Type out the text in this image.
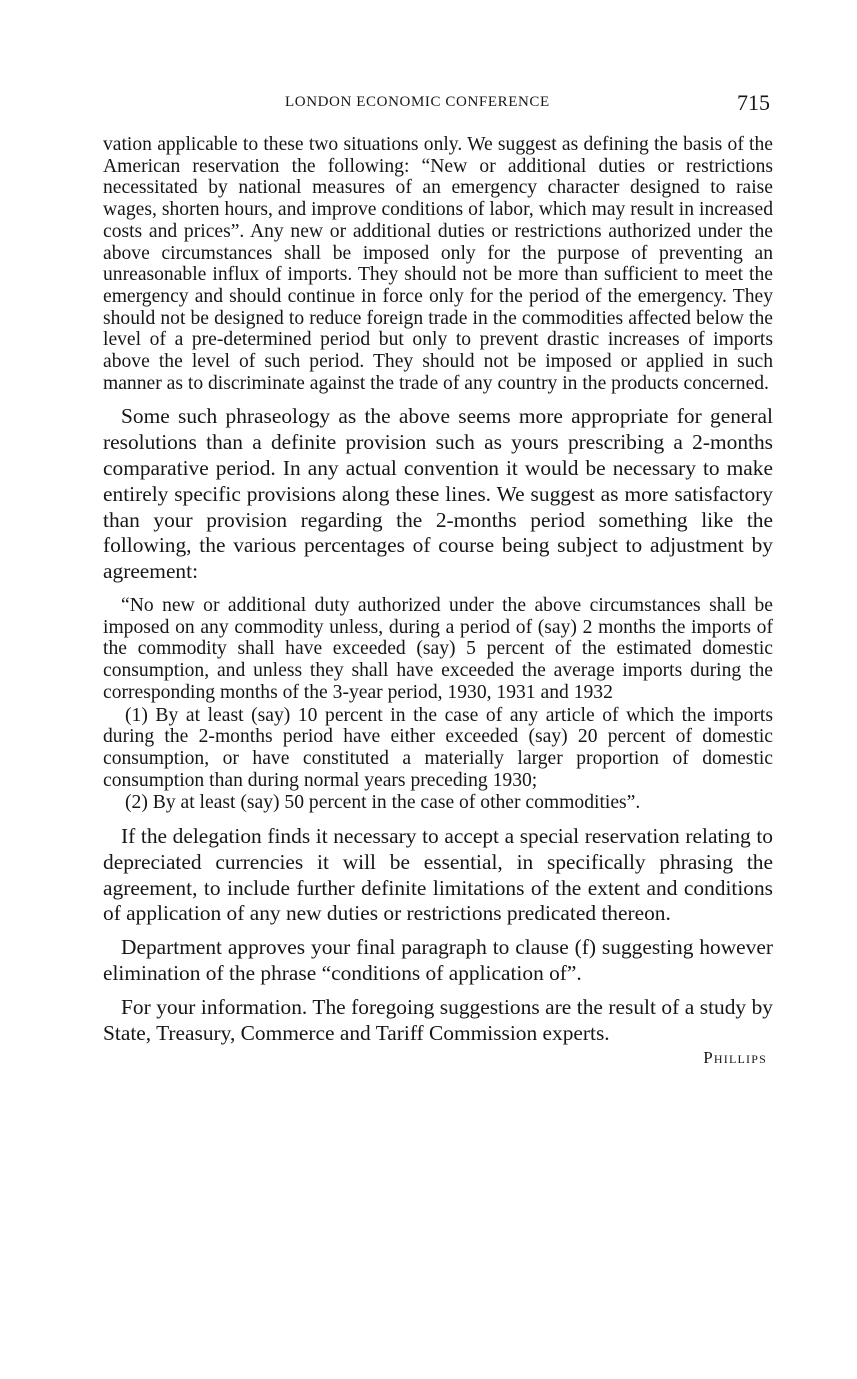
LONDON ECONOMIC CONFERENCE	715

vation applicable to these two situations only. We suggest as defining the basis of the American reservation the following: “New or additional duties or restrictions necessitated by national measures of an emergency character designed to raise wages, shorten hours, and improve conditions of labor, which may result in increased costs and prices”. Any new or additional duties or restrictions authorized under the above circumstances shall be imposed only for the purpose of preventing an unreasonable influx of imports. They should not be more than sufficient to meet the emergency and should continue in force only for the period of the emergency. They should not be designed to reduce foreign trade in the commodities affected below the level of a pre-determined period but only to prevent drastic increases of imports above the level of such period. They should not be imposed or applied in such manner as to discriminate against the trade of any country in the products concerned.

Some such phraseology as the above seems more appropriate for general resolutions than a definite provision such as yours prescribing a 2-months comparative period. In any actual convention it would be necessary to make entirely specific provisions along these lines. We suggest as more satisfactory than your provision regarding the 2-months period something like the following, the various percentages of course being subject to adjustment by agreement:

“No new or additional duty authorized under the above circumstances shall be imposed on any commodity unless, during a period of (say) 2 months the imports of the commodity shall have exceeded (say) 5 percent of the estimated domestic consumption, and unless they shall have exceeded the average imports during the corresponding months of the 3-year period, 1930, 1931 and 1932

(1) By at least (say) 10 percent in the case of any article of which the imports during the 2-months period have either exceeded (say) 20 percent of domestic consumption, or have constituted a materially larger proportion of domestic consumption than during normal years preceding 1930;

(2) By at least (say) 50 percent in the case of other commodities”.

If the delegation finds it necessary to accept a special reservation relating to depreciated currencies it will be essential, in specifically phrasing the agreement, to include further definite limitations of the extent and conditions of application of any new duties or restrictions predicated thereon.

Department approves your final paragraph to clause (f) suggesting however elimination of the phrase “conditions of application of”.

For your information. The foregoing suggestions are the result of a study by State, Treasury, Commerce and Tariff Commission experts.

Phillips
